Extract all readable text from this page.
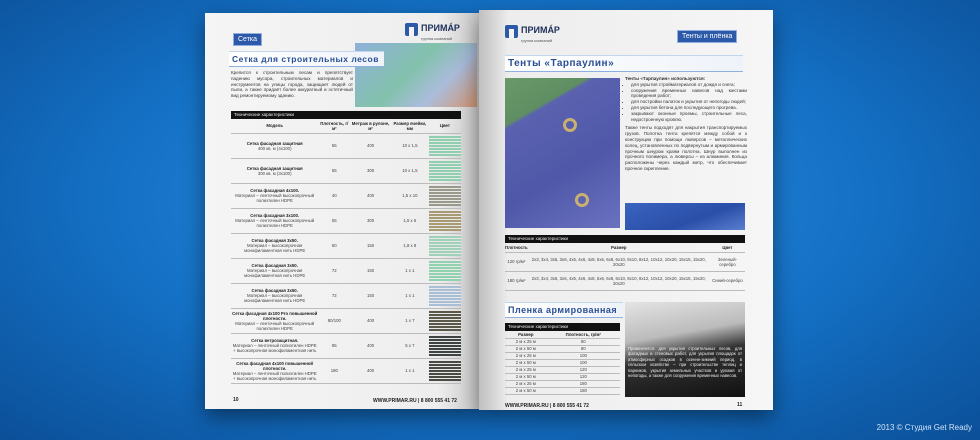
Сетка
ПРИМÁР
группа компаний
Сетка для строительных лесов
Крепится к строительным лесам и препятствует падению мусора, строительных материалов и инструментов на улицы города, защищает людей от пыли, а также придаёт более аккуратный и эстетичный вид ремонтируемому зданию.
Технические характеристики
Модель	Плотность, г/м²	Метраж в рулоне, м²	Размер ячейки, мм	Цвет
Сетка фасадная защитная
400 кв. м (4х100)	55	400	10 х 1,5	

Сетка фасадная защитная
300 кв. м (3х100)	55	300	10 х 1,5	

Сетка фасадная 4х100.
Материал – ленточный высокопрочный полиэтилен HDPE	40	400	1,5 х 10	

Сетка фасадная 3х100.
Материал – ленточный высокопрочный полиэтилен HDPE	55	300	1,5 х 6	

Сетка фасадная 3х50.
Материал – высокопрочная монофиламентная нить HDPE	60	150	1,8 х 8	

Сетка фасадная 3х50.
Материал – высокопрочная монофиламентная нить HDPE	72	150	1 х 1	

Сетка фасадная 3х50.
Материал – высокопрочная монофиламентная нить HDPE	72	150	1 х 1	

Сетка фасадная 4х100 Pro повышенной плотности.
Материал – ленточный высокопрочный полиэтилен HDPE	80/100	400	1 х 7	

Сетка ветрозащитная.
Материал – ленточный полиэтилен HDPE + высокопрочная монофиламентная нить	85	400	5 х 7	

Сетка фасадная 4х100 повышенной плотности.
Материал – ленточный полиэтилен HDPE + высокопрочная монофиламентная нить	180	400	1 х 1	
10	WWW.PRIMAR.RU | 8 800 555 41 72
ПРИМÁР
группа компаний
Тенты и плёнка
Тенты «Тарпаулин»
Тенты «Тарпаулин» используются:
• для укрытия стройматериалов от дождя и снега;
• сооружения временных навесов над местами проведения работ;
• для постройки палаток и укрытия от непогоды людей;
• для укрытия бетона для последующего прогрева.
• закрывают оконные проемы, строительные леса, недостроенную кровлю.
Также тенты подходят для накрытия транспортируемых грузов. Полотна тента крепятся между собой и к конструкции при помощи люверсов – металлических колец, установленных по подвернутым и армированным прочным шнуром краям полотна. Шнур выполнен из прочного полимера, а люверсы – из алюминия. Кольца расположены через каждый метр, что обеспечивает прочное скрепление.
Технические характеристики
Плотность	Размер	Цвет
120 гр/м²	2х3, 3х4, 3х5, 3х6, 4х5, 4х6, 4х8, 5х6, 6х8, 6х10, 8х10, 8х12, 10х12, 10х20, 15х15, 15х20, 20х20	Зеленый-серебро
180 гр/м²	2х3, 3х4, 3х5, 3х6, 4х5, 4х6, 4х8, 5х6, 6х8, 6х10, 8х10, 8х12, 10х12, 10х20, 15х15, 15х20, 20х20	Синий-серебро
Пленка армированная
Технические характеристики
Размер	Плотность, гр/м²
2 м х 25 м	80
2 м х 50 м	80
2 м х 25 м	100
2 м х 50 м	100
2 м х 25 м	120
2 м х 50 м	120
2 м х 25 м	180
2 м х 50 м	180
Применяется: для укрытия строительных лесов, для фасадных и стеновых работ, для укрытия площадок от атмосферных осадков в осенне-зимний период, в сельском хозяйстве – при строительстве теплиц и парников, укрытия земельных участков и урожая от непогоды, а также для сооружения временных навесов.
WWW.PRIMAR.RU | 8 800 555 41 72	11
2013 © Студия Get Ready
